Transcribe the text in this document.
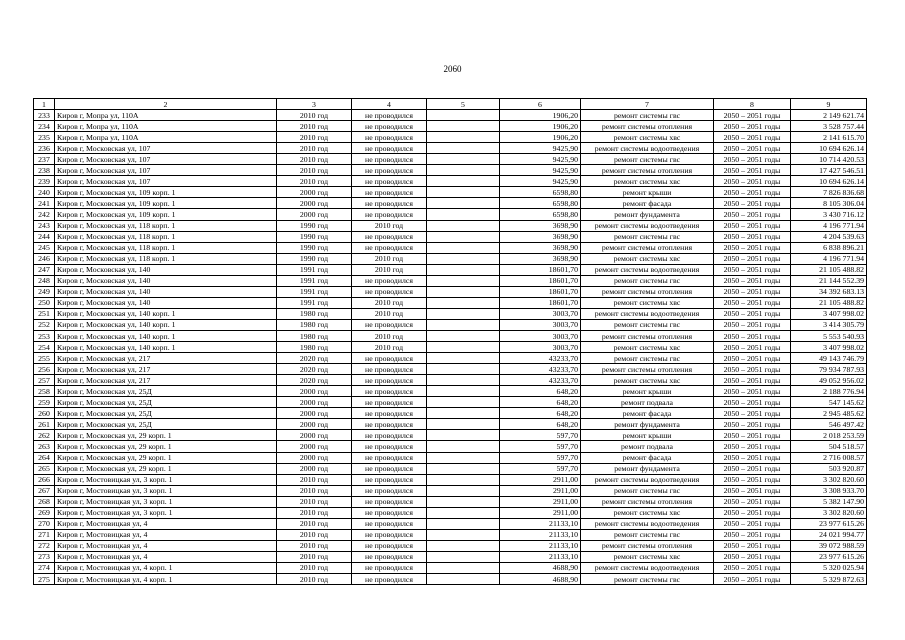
2060
1	2	3	4	5	6	7	8	9
233	Киров г, Мопра ул, 110А	2010 год	не проводился		1906,20	ремонт системы гвс	2050 – 2051 годы	2 149 621.74
234	Киров г, Мопра ул, 110А	2010 год	не проводился		1906,20	ремонт системы отопления	2050 – 2051 годы	3 528 757.44
235	Киров г, Мопра ул, 110А	2010 год	не проводился		1906,20	ремонт системы хвс	2050 – 2051 годы	2 141 615.70
236	Киров г, Московская ул, 107	2010 год	не проводился		9425,90	ремонт системы водоотведения	2050 – 2051 годы	10 694 626.14
237	Киров г, Московская ул, 107	2010 год	не проводился		9425,90	ремонт системы гвс	2050 – 2051 годы	10 714 420.53
238	Киров г, Московская ул, 107	2010 год	не проводился		9425,90	ремонт системы отопления	2050 – 2051 годы	17 427 546.51
239	Киров г, Московская ул, 107	2010 год	не проводился		9425,90	ремонт системы хвс	2050 – 2051 годы	10 694 626.14
240	Киров г, Московская ул, 109 корп. 1	2000 год	не проводился		6598,80	ремонт крыши	2050 – 2051 годы	7 826 836.68
241	Киров г, Московская ул, 109 корп. 1	2000 год	не проводился		6598,80	ремонт фасада	2050 – 2051 годы	8 105 306.04
242	Киров г, Московская ул, 109 корп. 1	2000 год	не проводился		6598,80	ремонт фундамента	2050 – 2051 годы	3 430 716.12
243	Киров г, Московская ул, 118 корп. 1	1990 год	2010 год		3698,90	ремонт системы водоотведения	2050 – 2051 годы	4 196 771.94
244	Киров г, Московская ул, 118 корп. 1	1990 год	не проводился		3698,90	ремонт системы гвс	2050 – 2051 годы	4 204 539.63
245	Киров г, Московская ул, 118 корп. 1	1990 год	не проводился		3698,90	ремонт системы отопления	2050 – 2051 годы	6 838 896.21
246	Киров г, Московская ул, 118 корп. 1	1990 год	2010 год		3698,90	ремонт системы хвс	2050 – 2051 годы	4 196 771.94
247	Киров г, Московская ул, 140	1991 год	2010 год		18601,70	ремонт системы водоотведения	2050 – 2051 годы	21 105 488.82
248	Киров г, Московская ул, 140	1991 год	не проводился		18601,70	ремонт системы гвс	2050 – 2051 годы	21 144 552.39
249	Киров г, Московская ул, 140	1991 год	не проводился		18601,70	ремонт системы отопления	2050 – 2051 годы	34 392 683.13
250	Киров г, Московская ул, 140	1991 год	2010 год		18601,70	ремонт системы хвс	2050 – 2051 годы	21 105 488.82
251	Киров г, Московская ул, 140 корп. 1	1980 год	2010 год		3003,70	ремонт системы водоотведения	2050 – 2051 годы	3 407 998.02
252	Киров г, Московская ул, 140 корп. 1	1980 год	не проводился		3003,70	ремонт системы гвс	2050 – 2051 годы	3 414 305.79
253	Киров г, Московская ул, 140 корп. 1	1980 год	2010 год		3003,70	ремонт системы отопления	2050 – 2051 годы	5 553 540.93
254	Киров г, Московская ул, 140 корп. 1	1980 год	2010 год		3003,70	ремонт системы хвс	2050 – 2051 годы	3 407 998.02
255	Киров г, Московская ул, 217	2020 год	не проводился		43233,70	ремонт системы гвс	2050 – 2051 годы	49 143 746.79
256	Киров г, Московская ул, 217	2020 год	не проводился		43233,70	ремонт системы отопления	2050 – 2051 годы	79 934 787.93
257	Киров г, Московская ул, 217	2020 год	не проводился		43233,70	ремонт системы хвс	2050 – 2051 годы	49 052 956.02
258	Киров г, Московская ул, 25Д	2000 год	не проводился		648,20	ремонт крыши	2050 – 2051 годы	2 188 776.94
259	Киров г, Московская ул, 25Д	2000 год	не проводился		648,20	ремонт подвала	2050 – 2051 годы	547 145.62
260	Киров г, Московская ул, 25Д	2000 год	не проводился		648,20	ремонт фасада	2050 – 2051 годы	2 945 485.62
261	Киров г, Московская ул, 25Д	2000 год	не проводился		648,20	ремонт фундамента	2050 – 2051 годы	546 497.42
262	Киров г, Московская ул, 29 корп. 1	2000 год	не проводился		597,70	ремонт крыши	2050 – 2051 годы	2 018 253.59
263	Киров г, Московская ул, 29 корп. 1	2000 год	не проводился		597,70	ремонт подвала	2050 – 2051 годы	504 518.57
264	Киров г, Московская ул, 29 корп. 1	2000 год	не проводился		597,70	ремонт фасада	2050 – 2051 годы	2 716 008.57
265	Киров г, Московская ул, 29 корп. 1	2000 год	не проводился		597,70	ремонт фундамента	2050 – 2051 годы	503 920.87
266	Киров г, Мостовицкая ул, 3 корп. 1	2010 год	не проводился		2911,00	ремонт системы водоотведения	2050 – 2051 годы	3 302 820.60
267	Киров г, Мостовицкая ул, 3 корп. 1	2010 год	не проводился		2911,00	ремонт системы гвс	2050 – 2051 годы	3 308 933.70
268	Киров г, Мостовицкая ул, 3 корп. 1	2010 год	не проводился		2911,00	ремонт системы отопления	2050 – 2051 годы	5 382 147.90
269	Киров г, Мостовицкая ул, 3 корп. 1	2010 год	не проводился		2911,00	ремонт системы хвс	2050 – 2051 годы	3 302 820.60
270	Киров г, Мостовицкая ул, 4	2010 год	не проводился		21133,10	ремонт системы водоотведения	2050 – 2051 годы	23 977 615.26
271	Киров г, Мостовицкая ул, 4	2010 год	не проводился		21133,10	ремонт системы гвс	2050 – 2051 годы	24 021 994.77
272	Киров г, Мостовицкая ул, 4	2010 год	не проводился		21133,10	ремонт системы отопления	2050 – 2051 годы	39 072 988.59
273	Киров г, Мостовицкая ул, 4	2010 год	не проводился		21133,10	ремонт системы хвс	2050 – 2051 годы	23 977 615.26
274	Киров г, Мостовицкая ул, 4 корп. 1	2010 год	не проводился		4688,90	ремонт системы водоотведения	2050 – 2051 годы	5 320 025.94
275	Киров г, Мостовицкая ул, 4 корп. 1	2010 год	не проводился		4688,90	ремонт системы гвс	2050 – 2051 годы	5 329 872.63
